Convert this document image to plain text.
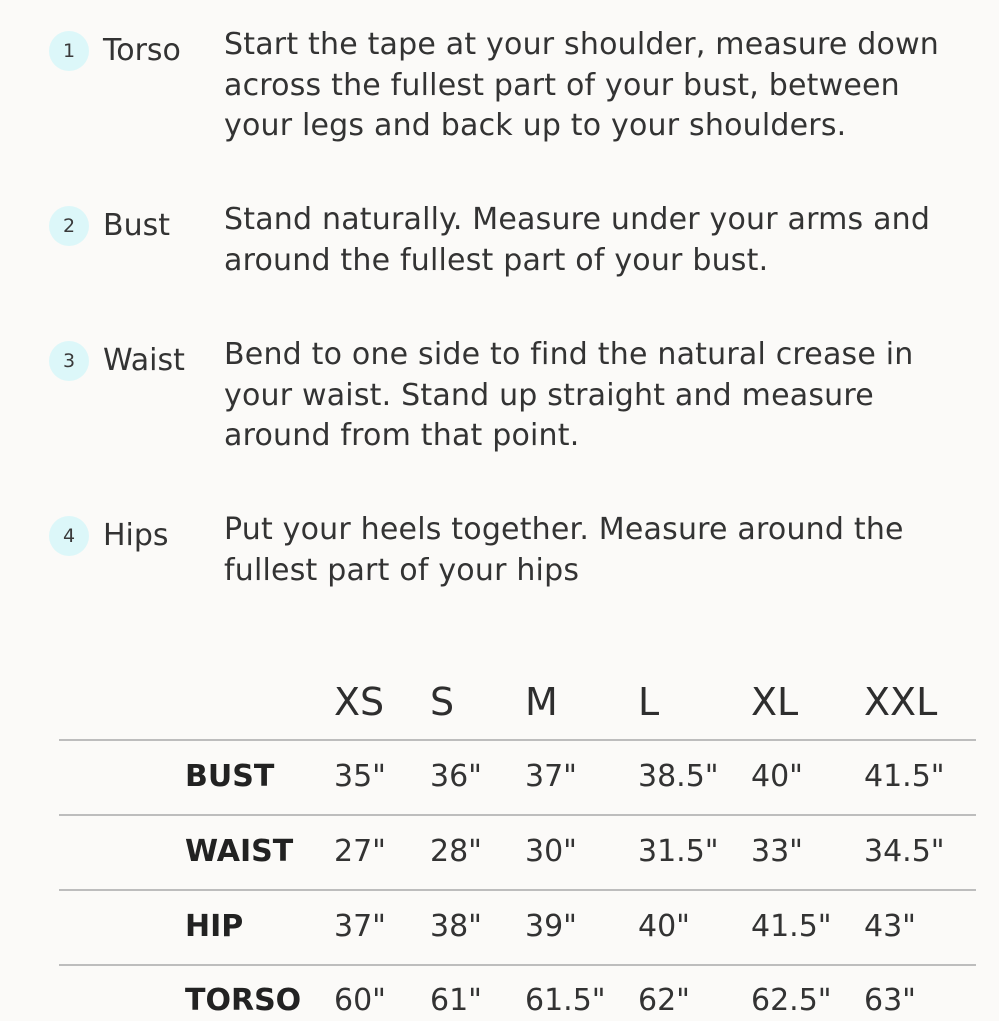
1 Torso Start the tape at your shoulder, measure down
across the fullest part of your bust, between
your legs and back up to your shoulders.
2 Bust Stand naturally. Measure under your arms and
around the fullest part of your bust.
3 Waist Bend to one side to find the natural crease in
your waist. Stand up straight and measure
around from that point.
4 Hips Put your heels together. Measure around the
fullest part of your hips
XS S M L XL XXL
BUST 35" 36" 37" 38.5" 40" 41.5"
WAIST 27" 28" 30" 31.5" 33" 34.5"
HIP	37" 38" 39" 40" 41.5" 43"
TORSO 60" 61" 61.5" 62" 62.5" 63"
